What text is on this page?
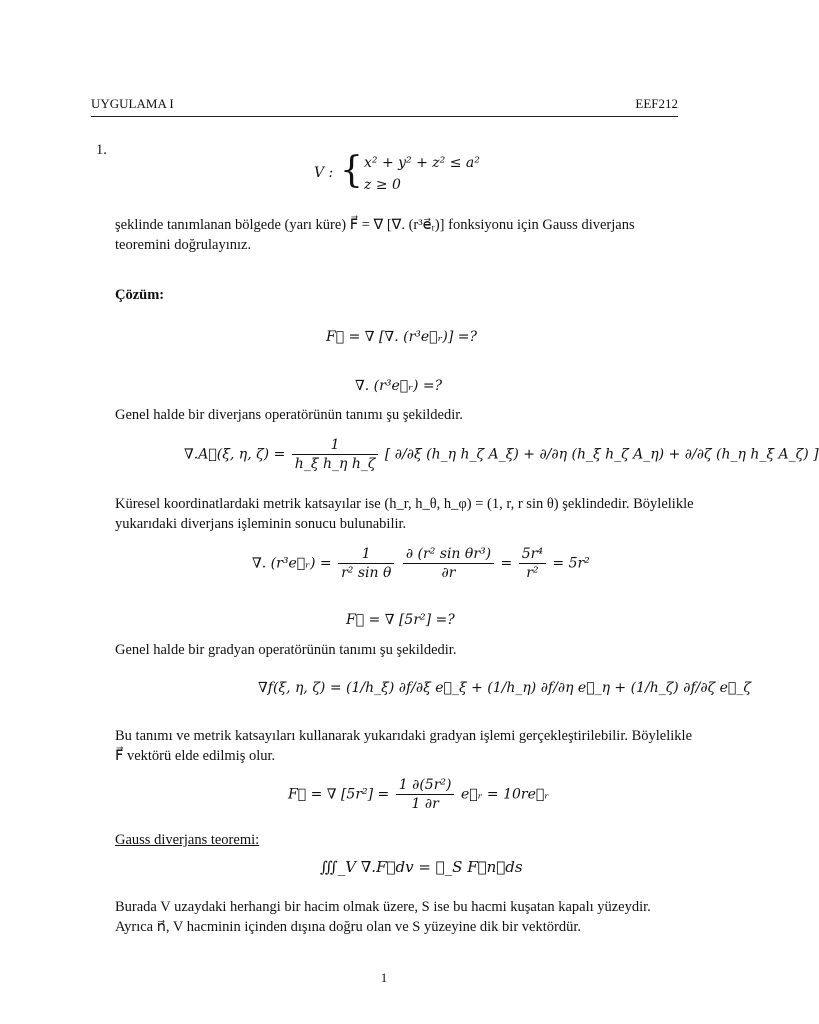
UYGULAMA I	EEF212
1.
V : { x² + y² + z² ≤ a²
z ≥ 0
şeklinde tanımlanan bölgede (yarı küre) F⃗ = ∇ [∇. (r³e⃗ᵣ)] fonksiyonu için Gauss diverjans
teoremini doğrulayınız.
Çözüm:
F⃗ = ∇ [∇. (r³e⃗ᵣ)] =?
∇. (r³e⃗ᵣ) =?
Genel halde bir diverjans operatörünün tanımı şu şekildedir.
∇.A⃗(ξ, η, $\zeta) = \frac{1}{\text{h\_ξ h\_η h\_ζ}}$ [ ∂/∂ξ (h_η h_ζ A_ξ) + ∂/∂η (h_ξ h_ζ A_η) + ∂/∂ζ (h_η h_ξ A_ζ) ]
Küresel koordinatlardaki metrik katsayılar ise (h_r, h_θ, h_φ) = (1, r, r sin θ) şeklindedir. Böylelikle
yukarıdaki diverjans işleminin sonucu bulunabilir.
∇. (r³e⃗ᵣ) = $\frac{1}{\text{r² sin θ}}$
$\frac{\text{∂ (r² sin θr³)}}{\partial r} = \frac{\text{5r⁴}}{\text{r²}} = 5r^2$
F⃗ = ∇ [5r²] =?
Genel halde bir gradyan operatörünün tanımı şu şekildedir.
∇f(ξ, η, ζ) = (1/h_ξ) ∂f/∂ξ e⃗_ξ + (1/h_η) ∂f/∂η e⃗_η + (1/h_ζ) ∂f/∂ζ e⃗_ζ
Bu tanımı ve metrik katsayıları kullanarak yukarıdaki gradyan işlemi gerçekleştirilebilir. Böylelikle
F⃗ vektörü elde edilmiş olur.
F⃗ = ∇ $[5r^2] = \frac{\text{1 ∂(5r²)}}{1 \partial r}$ e⃗ᵣ = 10re⃗ᵣ
Gauss diverjans teoremi:
∭_V ∇.F⃗dv = ∯_S F⃗n⃗ds
Burada V uzaydaki herhangi bir hacim olmak üzere, S ise bu hacmi kuşatan kapalı yüzeydir.
Ayrıca n⃗, V hacminin içinden dışına doğru olan ve S yüzeyine dik bir vektördür.
1
